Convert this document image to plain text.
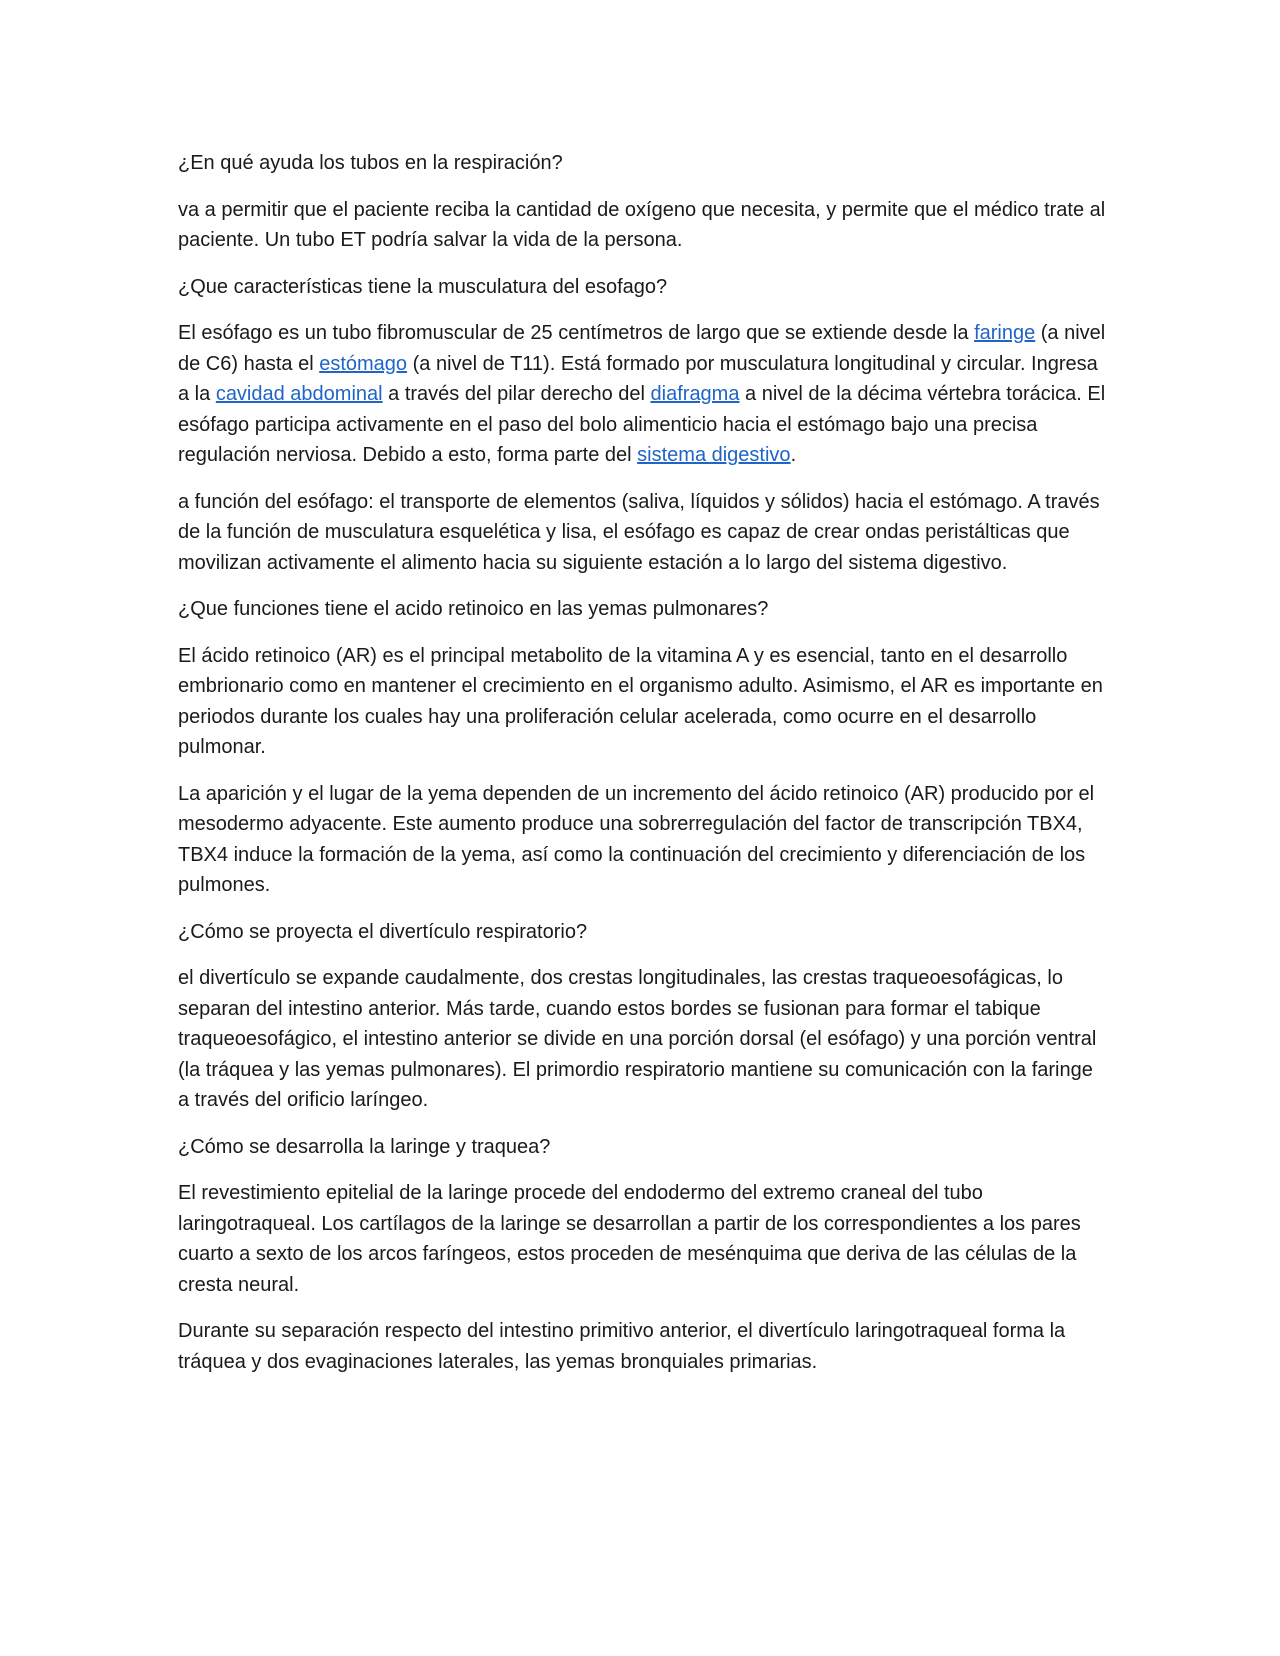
¿En qué ayuda los tubos en la respiración?

va a permitir que el paciente reciba la cantidad de oxígeno que necesita, y permite que el médico trate al paciente. Un tubo ET podría salvar la vida de la persona.

¿Que características tiene la musculatura del esofago?

El esófago es un tubo fibromuscular de 25 centímetros de largo que se extiende desde la faringe (a nivel de C6) hasta el estómago (a nivel de T11). Está formado por musculatura longitudinal y circular. Ingresa a la cavidad abdominal a través del pilar derecho del diafragma a nivel de la décima vértebra torácica. El esófago participa activamente en el paso del bolo alimenticio hacia el estómago bajo una precisa regulación nerviosa. Debido a esto, forma parte del sistema digestivo.

a función del esófago: el transporte de elementos (saliva, líquidos y sólidos) hacia el estómago. A través de la función de musculatura esquelética y lisa, el esófago es capaz de crear ondas peristálticas que movilizan activamente el alimento hacia su siguiente estación a lo largo del sistema digestivo.

¿Que funciones tiene el acido retinoico en las yemas pulmonares?

El ácido retinoico (AR) es el principal metabolito de la vitamina A y es esencial, tanto en el desarrollo embrionario como en mantener el crecimiento en el organismo adulto. Asimismo, el AR es importante en periodos durante los cuales hay una proliferación celular acelerada, como ocurre en el desarrollo pulmonar.

La aparición y el lugar de la yema dependen de un incremento del ácido retinoico (AR) producido por el mesodermo adyacente. Este aumento produce una sobrerregulación del factor de transcripción TBX4, TBX4 induce la formación de la yema, así como la continuación del crecimiento y diferenciación de los pulmones.

¿Cómo se proyecta el divertículo respiratorio?

el divertículo se expande caudalmente, dos crestas longitudinales, las crestas traqueoesofágicas, lo separan del intestino anterior. Más tarde, cuando estos bordes se fusionan para formar el tabique traqueoesofágico, el intestino anterior se divide en una porción dorsal (el esófago) y una porción ventral (la tráquea y las yemas pulmonares). El primordio respiratorio mantiene su comunicación con la faringe a través del orificio laríngeo.

¿Cómo se desarrolla la laringe y traquea?

El revestimiento epitelial de la laringe procede del endodermo del extremo craneal del tubo laringotraqueal. Los cartílagos de la laringe se desarrollan a partir de los correspondientes a los pares cuarto a sexto de los arcos faríngeos, estos proceden de mesénquima que deriva de las células de la cresta neural.

Durante su separación respecto del intestino primitivo anterior, el divertículo laringotraqueal forma la tráquea y dos evaginaciones laterales, las yemas bronquiales primarias.
